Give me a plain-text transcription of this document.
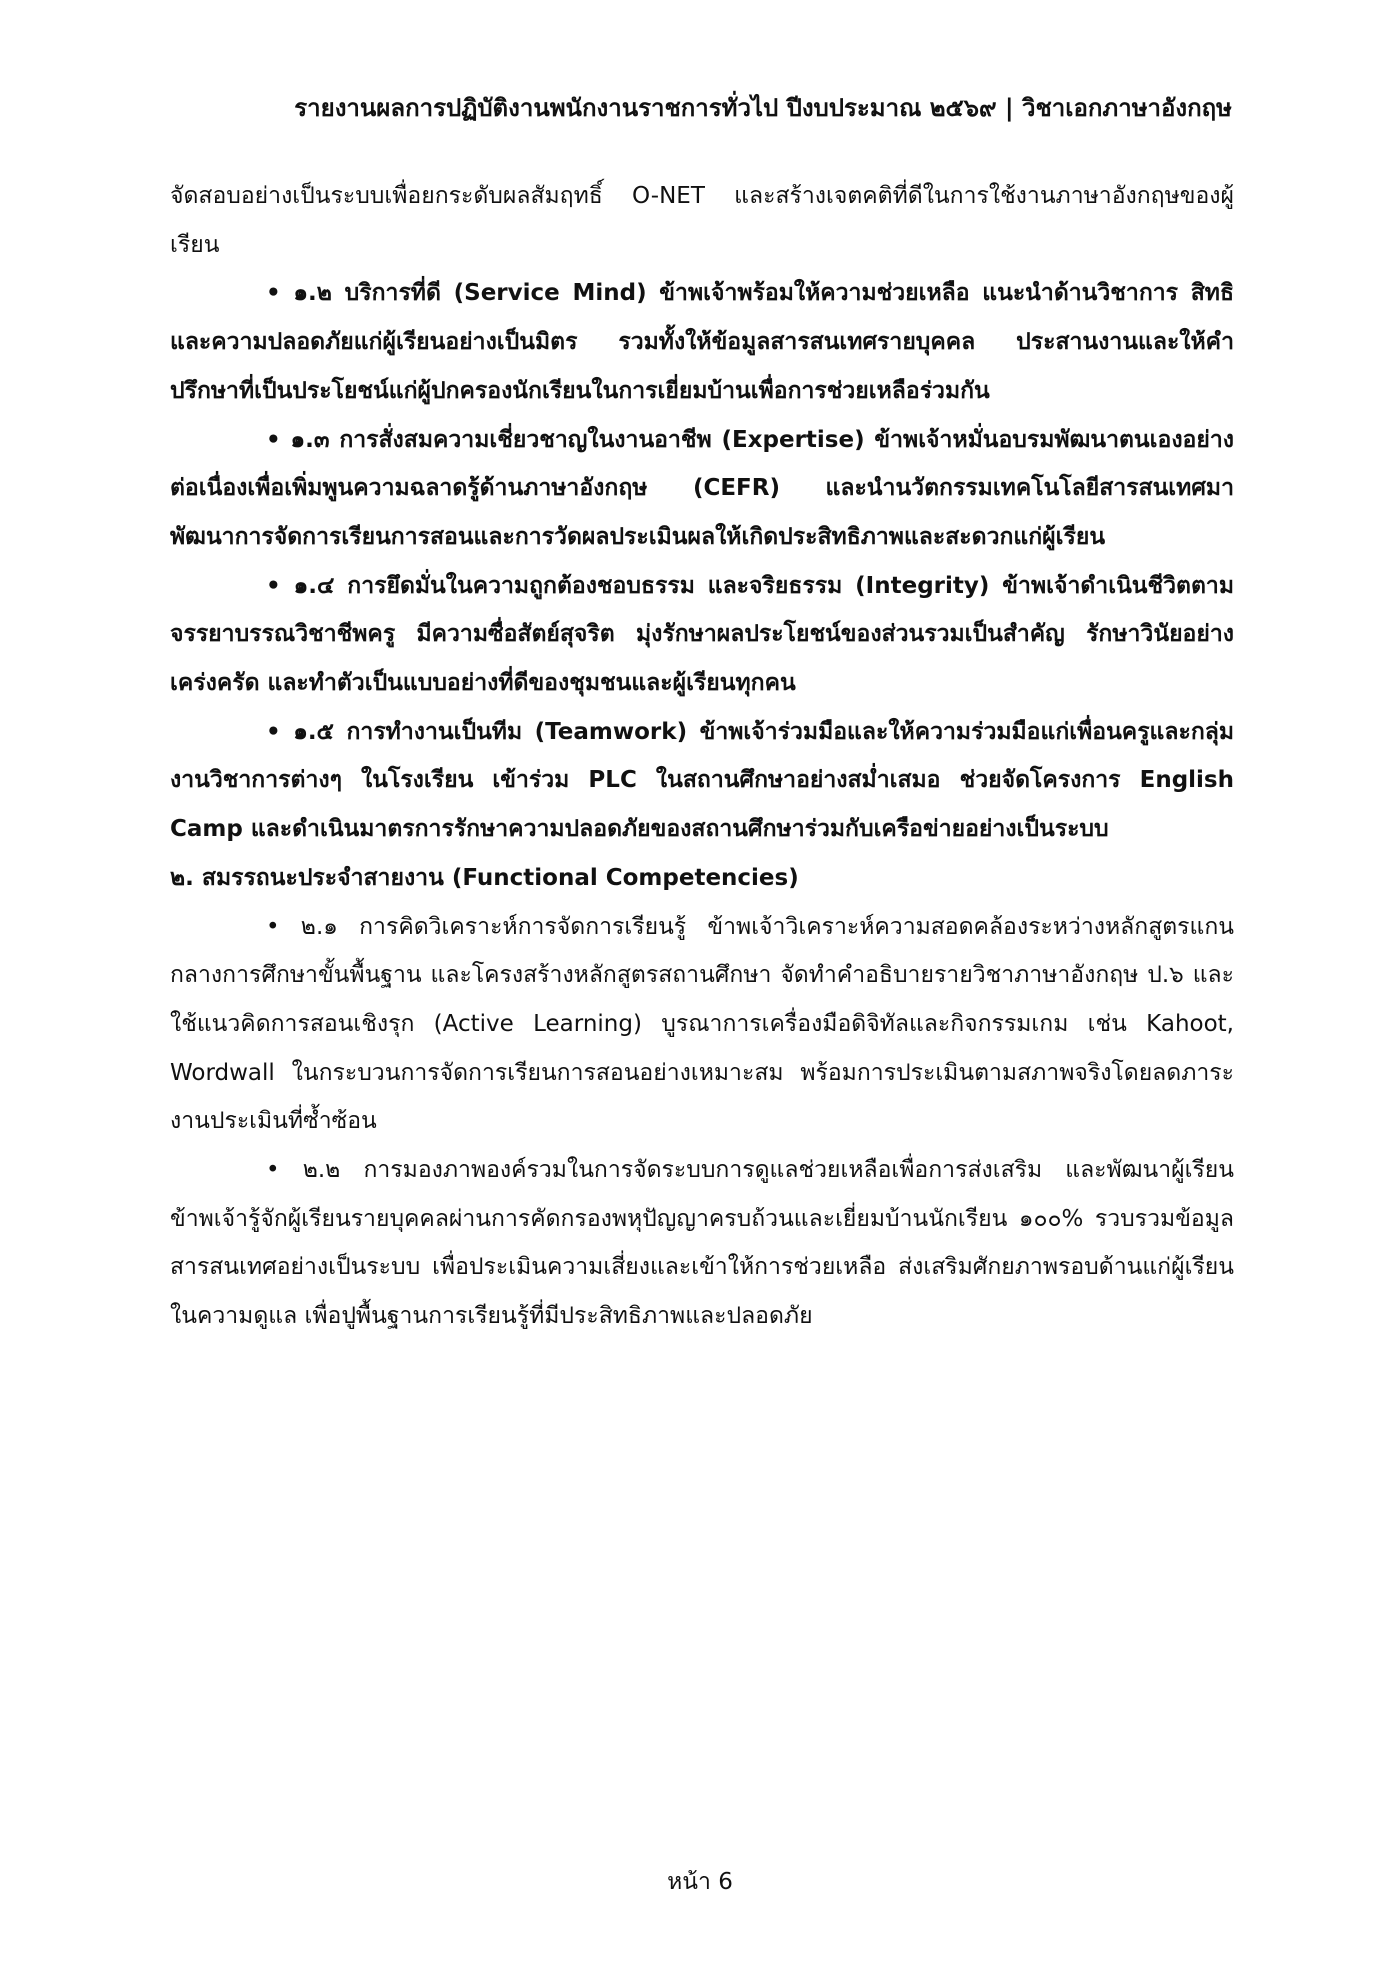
รายงานผลการปฏิบัติงานพนักงานราชการทั่วไป ปีงบประมาณ ๒๕๖๙ | วิชาเอกภาษาอังกฤษ

จัดสอบอย่างเป็นระบบเพื่อยกระดับผลสัมฤทธิ์ O-NET และสร้างเจตคติที่ดีในการใช้งานภาษาอังกฤษของผู้เรียน

• ๑.๒ บริการที่ดี (Service Mind) ข้าพเจ้าพร้อมให้ความช่วยเหลือ แนะนำด้านวิชาการ สิทธิและความปลอดภัยแก่ผู้เรียนอย่างเป็นมิตร รวมทั้งให้ข้อมูลสารสนเทศรายบุคคล ประสานงานและให้คำปรึกษาที่เป็นประโยชน์แก่ผู้ปกครองนักเรียนในการเยี่ยมบ้านเพื่อการช่วยเหลือร่วมกัน

• ๑.๓ การสั่งสมความเชี่ยวชาญในงานอาชีพ (Expertise) ข้าพเจ้าหมั่นอบรมพัฒนาตนเองอย่างต่อเนื่องเพื่อเพิ่มพูนความฉลาดรู้ด้านภาษาอังกฤษ (CEFR) และนำนวัตกรรมเทคโนโลยีสารสนเทศมาพัฒนาการจัดการเรียนการสอนและการวัดผลประเมินผลให้เกิดประสิทธิภาพและสะดวกแก่ผู้เรียน

• ๑.๔ การยึดมั่นในความถูกต้องชอบธรรม และจริยธรรม (Integrity) ข้าพเจ้าดำเนินชีวิตตามจรรยาบรรณวิชาชีพครู มีความซื่อสัตย์สุจริต มุ่งรักษาผลประโยชน์ของส่วนรวมเป็นสำคัญ รักษาวินัยอย่างเคร่งครัด และทำตัวเป็นแบบอย่างที่ดีของชุมชนและผู้เรียนทุกคน

• ๑.๕ การทำงานเป็นทีม (Teamwork) ข้าพเจ้าร่วมมือและให้ความร่วมมือแก่เพื่อนครูและกลุ่มงานวิชาการต่างๆ ในโรงเรียน เข้าร่วม PLC ในสถานศึกษาอย่างสม่ำเสมอ ช่วยจัดโครงการ English Camp และดำเนินมาตรการรักษาความปลอดภัยของสถานศึกษาร่วมกับเครือข่ายอย่างเป็นระบบ

๒. สมรรถนะประจำสายงาน (Functional Competencies)

• ๒.๑ การคิดวิเคราะห์การจัดการเรียนรู้ ข้าพเจ้าวิเคราะห์ความสอดคล้องระหว่างหลักสูตรแกนกลางการศึกษาขั้นพื้นฐาน และโครงสร้างหลักสูตรสถานศึกษา จัดทำคำอธิบายรายวิชาภาษาอังกฤษ ป.๖ และใช้แนวคิดการสอนเชิงรุก (Active Learning) บูรณาการเครื่องมือดิจิทัลและกิจกรรมเกม เช่น Kahoot, Wordwall ในกระบวนการจัดการเรียนการสอนอย่างเหมาะสม พร้อมการประเมินตามสภาพจริงโดยลดภาระงานประเมินที่ซ้ำซ้อน

• ๒.๒ การมองภาพองค์รวมในการจัดระบบการดูแลช่วยเหลือเพื่อการส่งเสริม และพัฒนาผู้เรียน ข้าพเจ้ารู้จักผู้เรียนรายบุคคลผ่านการคัดกรองพหุปัญญาครบถ้วนและเยี่ยมบ้านนักเรียน ๑๐๐% รวบรวมข้อมูลสารสนเทศอย่างเป็นระบบ เพื่อประเมินความเสี่ยงและเข้าให้การช่วยเหลือ ส่งเสริมศักยภาพรอบด้านแก่ผู้เรียนในความดูแล เพื่อปูพื้นฐานการเรียนรู้ที่มีประสิทธิภาพและปลอดภัย

หน้า 6
